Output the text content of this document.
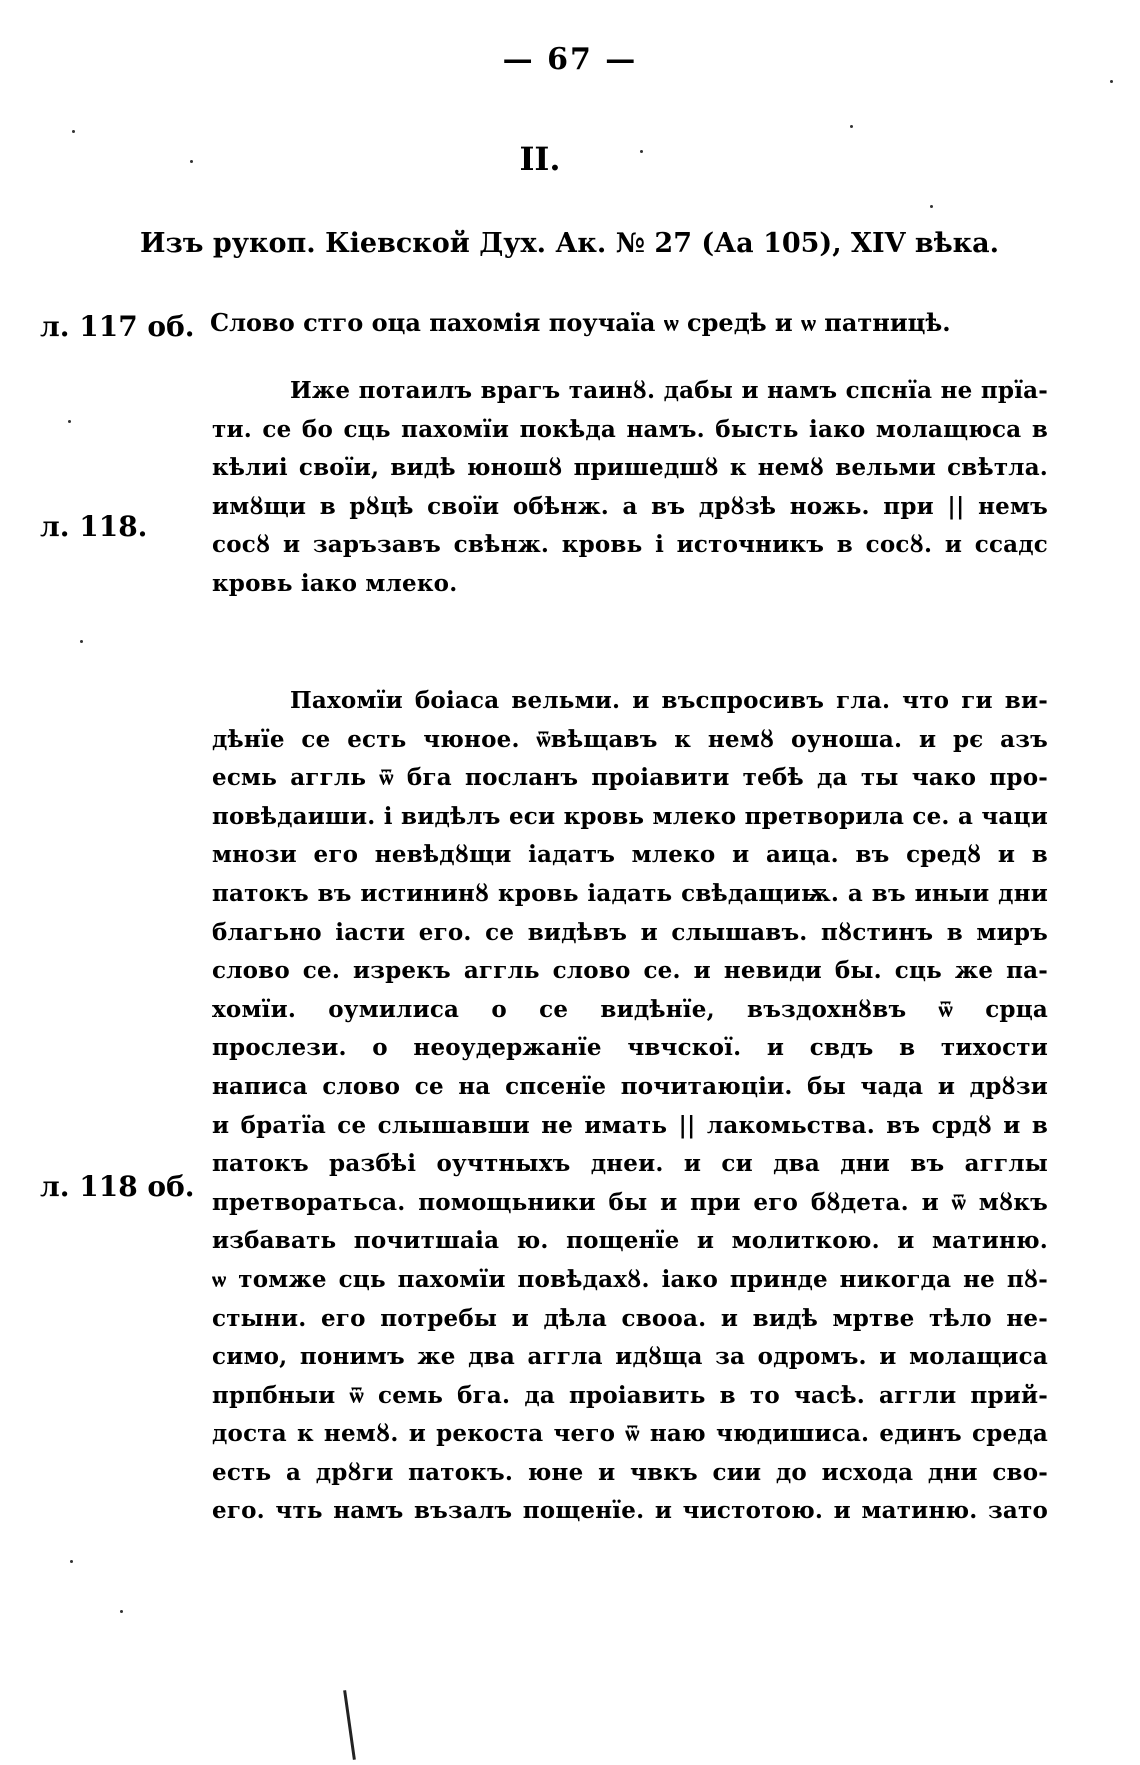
— 67 —
II.
Изъ рукоп. Кіевской Дух. Ак. № 27 (Аа 105), XIV вѣка.
л. 117 об. Слово стго оца пахомія поучаїа ѡ средѣ и ѡ патницѣ.
л. 118.
Иже потаилъ врагъ таинȣ. дабы и намъ спснїа не прїа-
ти. се бо сць пахомїи покѣда намъ. бысть іако молащюса в
кѣлиі своїи, видѣ юношȣ пришедшȣ к немȣ вельми свѣтла.
имȣщи в рȣцѣ своїи обѣнж. а въ дрȣзѣ ножь. при || немъ
сосȣ и заръзавъ свѣнж. кровь і источникъ в сосȣ. и ссадс
кровь іако млеко.
л. 118 об.
Пахомїи боіаса вельми. и въспросивъ гла. что ги ви-
дѣнїе се есть чюное. ѿвѣщавъ к немȣ оуноша. и рє азъ
есмь аггль ѿ бга посланъ проіавити тебѣ да ты чако про-
повѣдаиши. і видѣлъ еси кровь млеко претворила се. а чаци
мнози его невѣдȣщи іадатъ млеко и аица. въ средȣ и в
патокъ въ истининȣ кровь іадать свѣдащиѭ. а въ иныи дни
благьно іасти его. се видѣвъ и слышавъ. пȣстинъ в миръ
слово се. изрекъ аггль слово се. и невиди бы. сць же па-
хомїи. оумилиса о се видѣнїе, въздохнȣвъ ѿ срца
прослези. о неоудержанїе чвчскої. и свдъ в тихости
написа слово се на спсенїе почитаюціи. бы чада и дрȣзи
и братїа се слышавши не имать || лакомьства. въ срдȣ и в
патокъ разбѣі оучтныхъ днеи. и си два дни въ агглы
претворатьса. помощьники бы и при его бȣдета. и ѿ мȣкъ
избавать почитшаіа ю. пощенїе и молиткою. и матиню.
ѡ томже сць пахомїи повѣдахȣ. іако принде никогда не пȣ-
стыни. его потребы и дѣла свооа. и видѣ мртве тѣло не-
симо, понимъ же два аггла идȣща за одромъ. и молащиса
прпбныи ѿ семь бга. да проіавить в то часѣ. аггли прий-
доста к немȣ. и рекоста чего ѿ наю чюдишиса. единъ среда
есть а дрȣги патокъ. юне и чвкъ сии до исхода дни сво-
его. чть намъ възалъ пощенїе. и чистотою. и матиню. зато
